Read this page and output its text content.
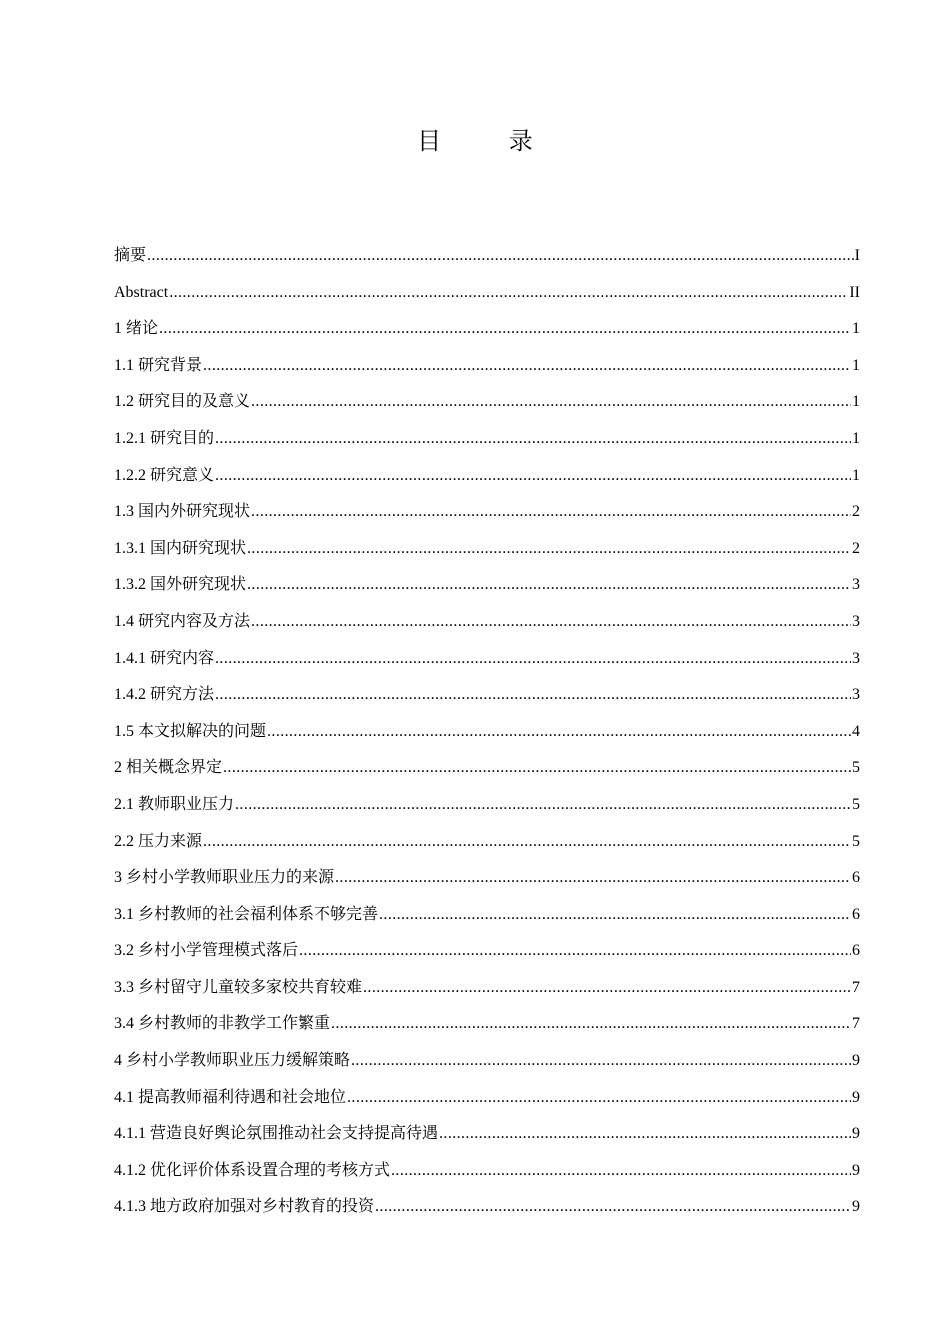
目 录
摘要 .....	I
Abstract .....	II
1 绪论 .....	1
1.1 研究背景 .....	1
1.2 研究目的及意义 .....	1
1.2.1 研究目的 .....	1
1.2.2 研究意义 .....	1
1.3 国内外研究现状 .....	2
1.3.1 国内研究现状 .....	2
1.3.2 国外研究现状 .....	3
1.4 研究内容及方法 .....	3
1.4.1 研究内容 .....	3
1.4.2 研究方法 .....	3
1.5 本文拟解决的问题 .....	4
2 相关概念界定 .....	5
2.1 教师职业压力 .....	5
2.2 压力来源 .....	5
3 乡村小学教师职业压力的来源 .....	6
3.1 乡村教师的社会福利体系不够完善 .....	6
3.2 乡村小学管理模式落后 .....	6
3.3 乡村留守儿童较多家校共育较难 .....	7
3.4 乡村教师的非教学工作繁重 .....	7
4 乡村小学教师职业压力缓解策略 .....	9
4.1 提高教师福利待遇和社会地位 .....	9
4.1.1 营造良好舆论氛围推动社会支持提高待遇 .....	9
4.1.2 优化评价体系设置合理的考核方式 .....	9
4.1.3 地方政府加强对乡村教育的投资 .....	9
